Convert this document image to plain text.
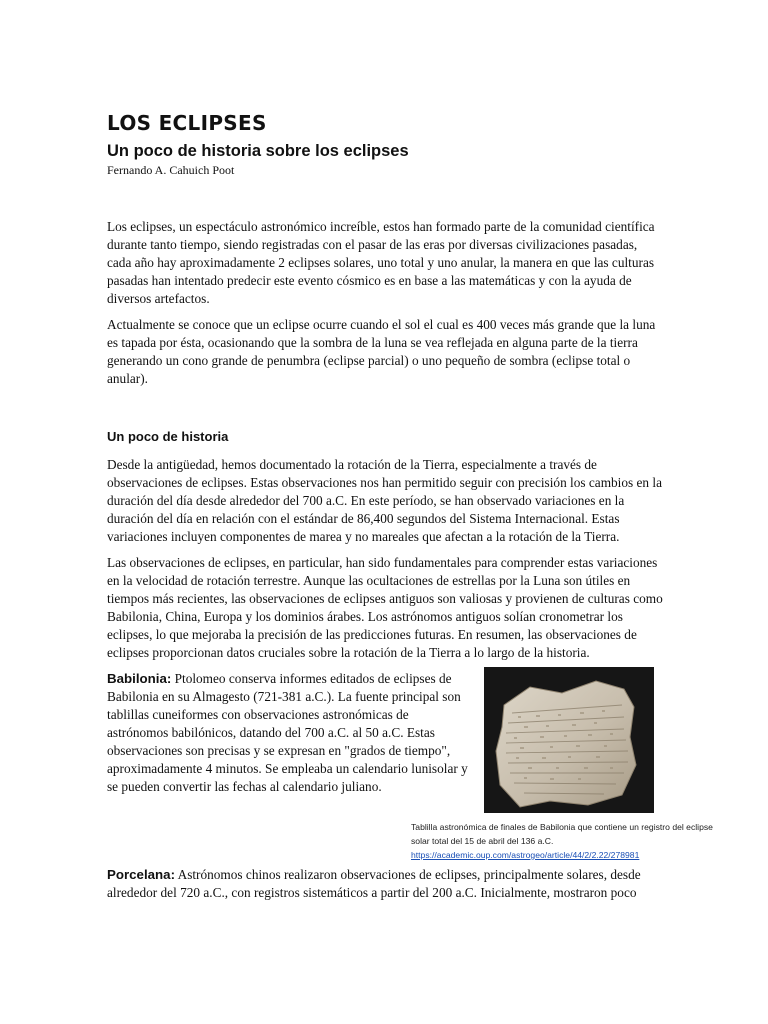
LOS ECLIPSES
Un poco de historia sobre los eclipses

Fernando A. Cahuich Poot

Los eclipses, un espectáculo astronómico increíble, estos han formado parte de la comunidad científica durante tanto tiempo, siendo registradas con el pasar de las eras por diversas civilizaciones pasadas, cada año hay aproximadamente 2 eclipses solares, uno total y uno anular, la manera en que las culturas pasadas han intentado predecir este evento cósmico es en base a las matemáticas y con la ayuda de diversos artefactos.

Actualmente se conoce que un eclipse ocurre cuando el sol el cual es 400 veces más grande que la luna es tapada por ésta, ocasionando que la sombra de la luna se vea reflejada en alguna parte de la tierra generando un cono grande de penumbra (eclipse parcial) o uno pequeño de sombra (eclipse total o anular).

Un poco de historia

Desde la antigüedad, hemos documentado la rotación de la Tierra, especialmente a través de observaciones de eclipses. Estas observaciones nos han permitido seguir con precisión los cambios en la duración del día desde alrededor del 700 a.C. En este período, se han observado variaciones en la duración del día en relación con el estándar de 86,400 segundos del Sistema Internacional. Estas variaciones incluyen componentes de marea y no mareales que afectan a la rotación de la Tierra.

Las observaciones de eclipses, en particular, han sido fundamentales para comprender estas variaciones en la velocidad de rotación terrestre. Aunque las ocultaciones de estrellas por la Luna son útiles en tiempos más recientes, las observaciones de eclipses antiguos son valiosas y provienen de culturas como Babilonia, China, Europa y los dominios árabes. Los astrónomos antiguos solían cronometrar los eclipses, lo que mejoraba la precisión de las predicciones futuras. En resumen, las observaciones de eclipses proporcionan datos cruciales sobre la rotación de la Tierra a lo largo de la historia.

Babilonia: Ptolomeo conserva informes editados de eclipses de Babilonia en su Almagesto (721-381 a.C.). La fuente principal son tablillas cuneiformes con observaciones astronómicas de astrónomos babilónicos, datando del 700 a.C. al 50 a.C. Estas observaciones son precisas y se expresan en "grados de tiempo", aproximadamente 4 minutos. Se empleaba un calendario lunisolar y se pueden convertir las fechas al calendario juliano.

Tablilla astronómica de finales de Babilonia que contiene un registro del eclipse solar total del 15 de abril del 136 a.C.
https://academic.oup.com/astrogeo/article/44/2/2.22/278981

Porcelana: Astrónomos chinos realizaron observaciones de eclipses, principalmente solares, desde alrededor del 720 a.C., con registros sistemáticos a partir del 200 a.C. Inicialmente, mostraron poco
